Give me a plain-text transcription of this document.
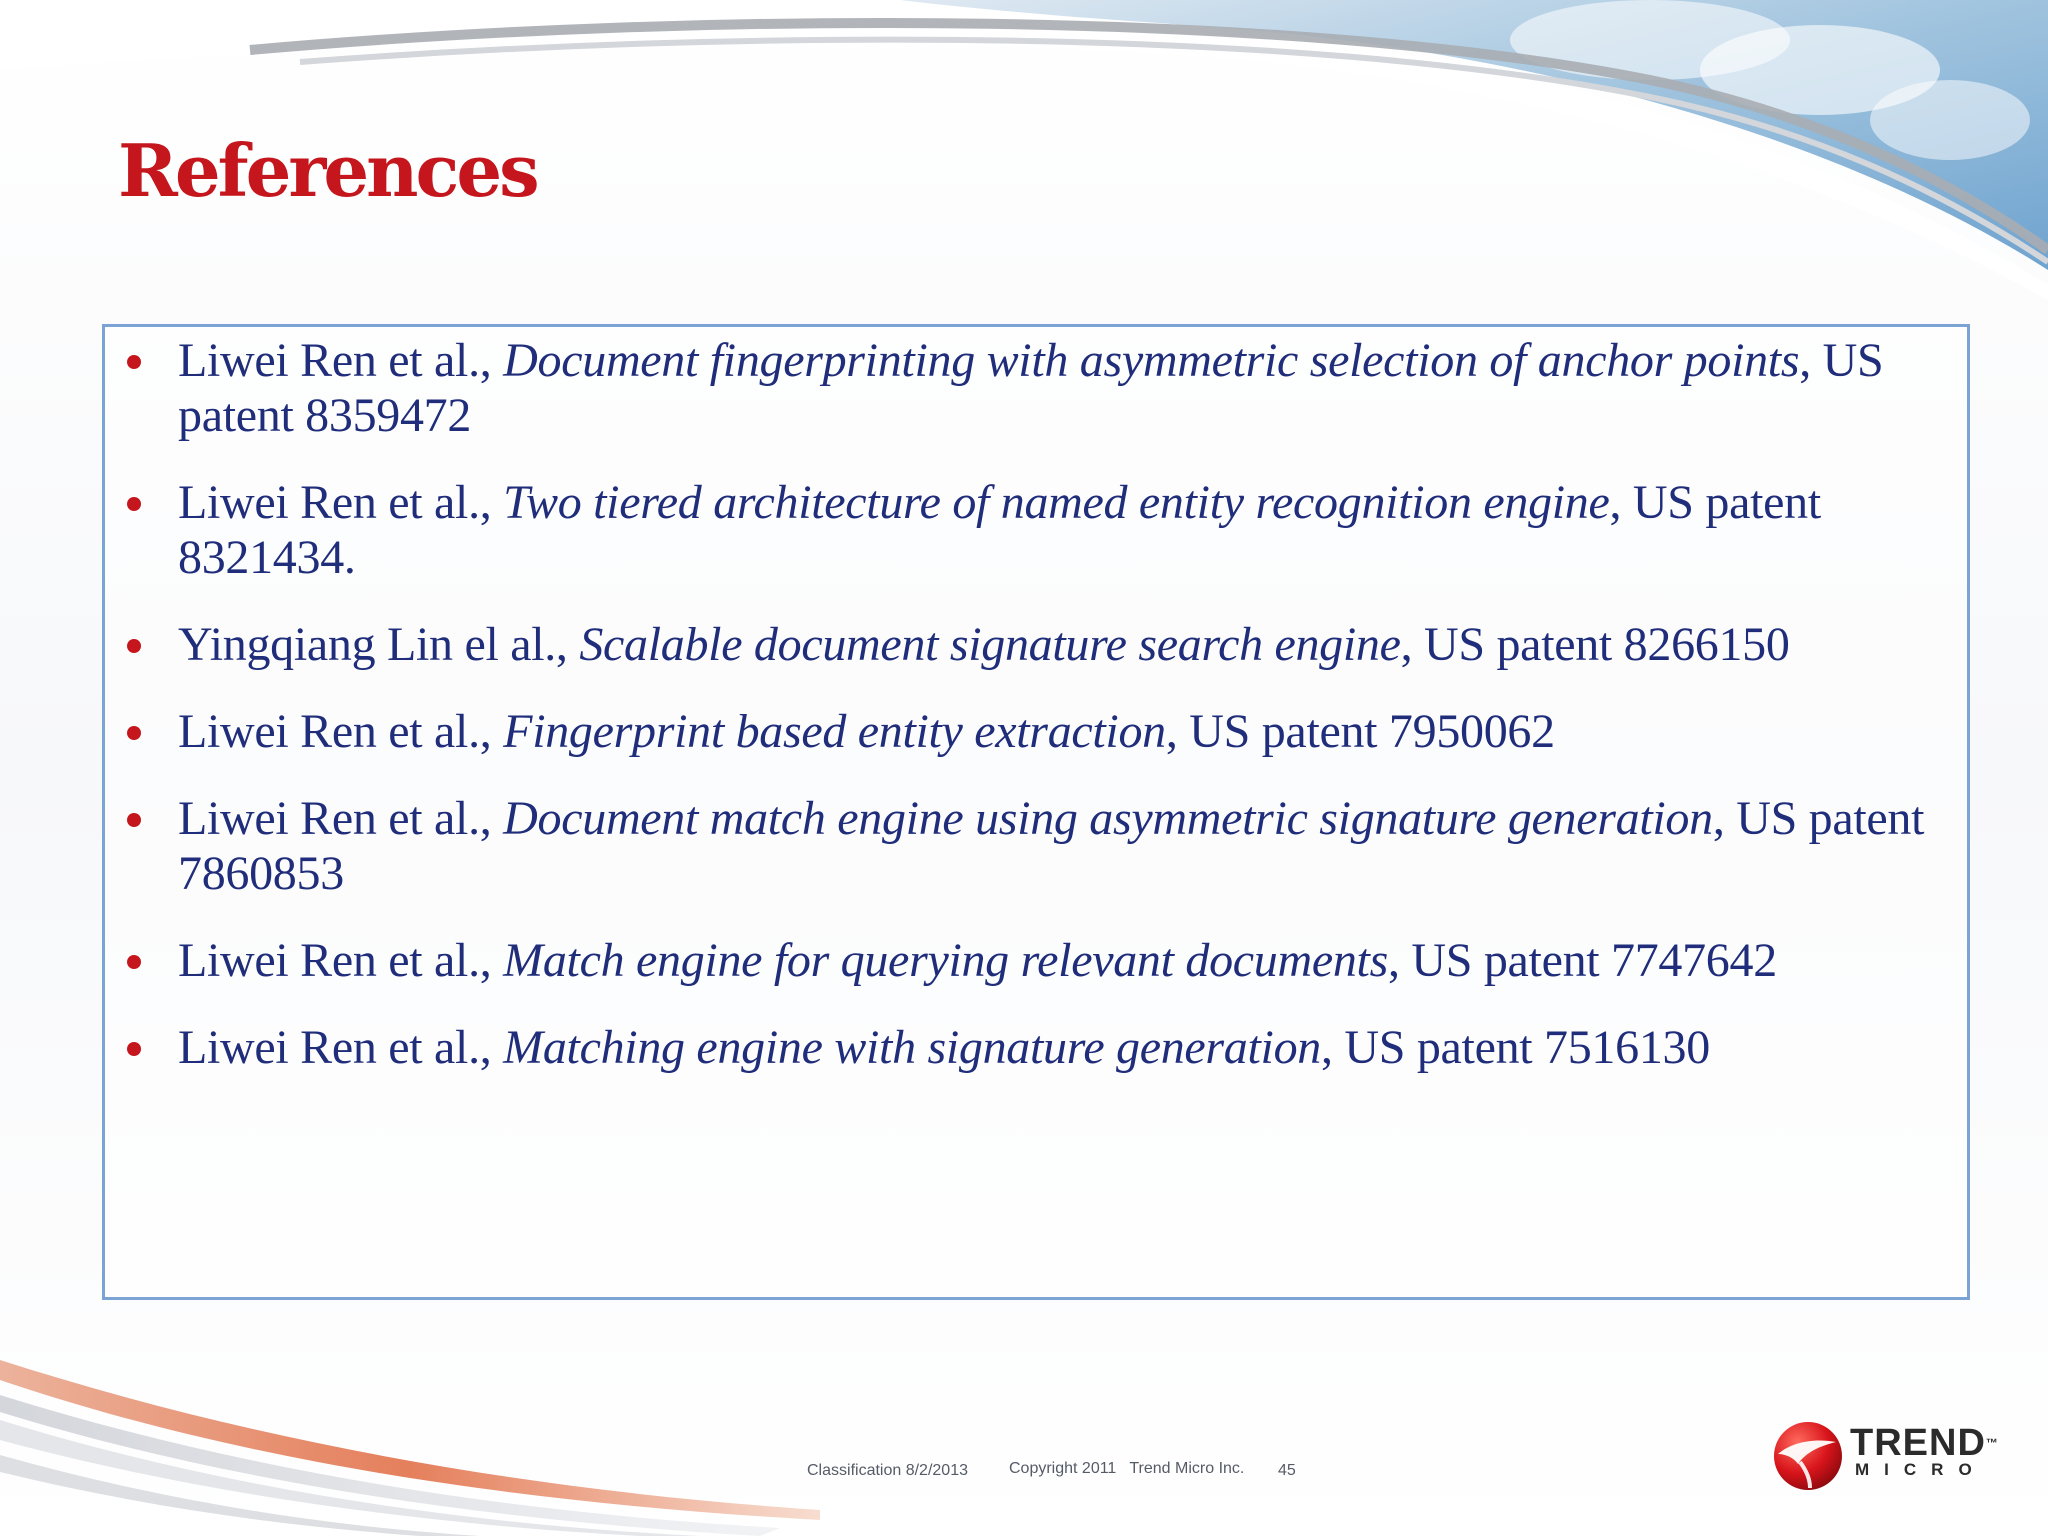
References
Liwei Ren et al., Document fingerprinting with asymmetric selection of anchor points, US patent 8359472
Liwei Ren et al., Two tiered architecture of named entity recognition engine, US patent 8321434.
Yingqiang Lin el al., Scalable document signature search engine, US patent 8266150
Liwei Ren et al., Fingerprint based entity extraction, US patent 7950062
Liwei Ren et al., Document match engine using asymmetric signature generation, US patent 7860853
Liwei Ren et al., Match engine for querying relevant documents, US patent 7747642
Liwei Ren et al., Matching engine with signature generation, US patent 7516130
Classification 8/2/2013	Copyright 2011   Trend Micro Inc. 45
TREND™
MICRO
